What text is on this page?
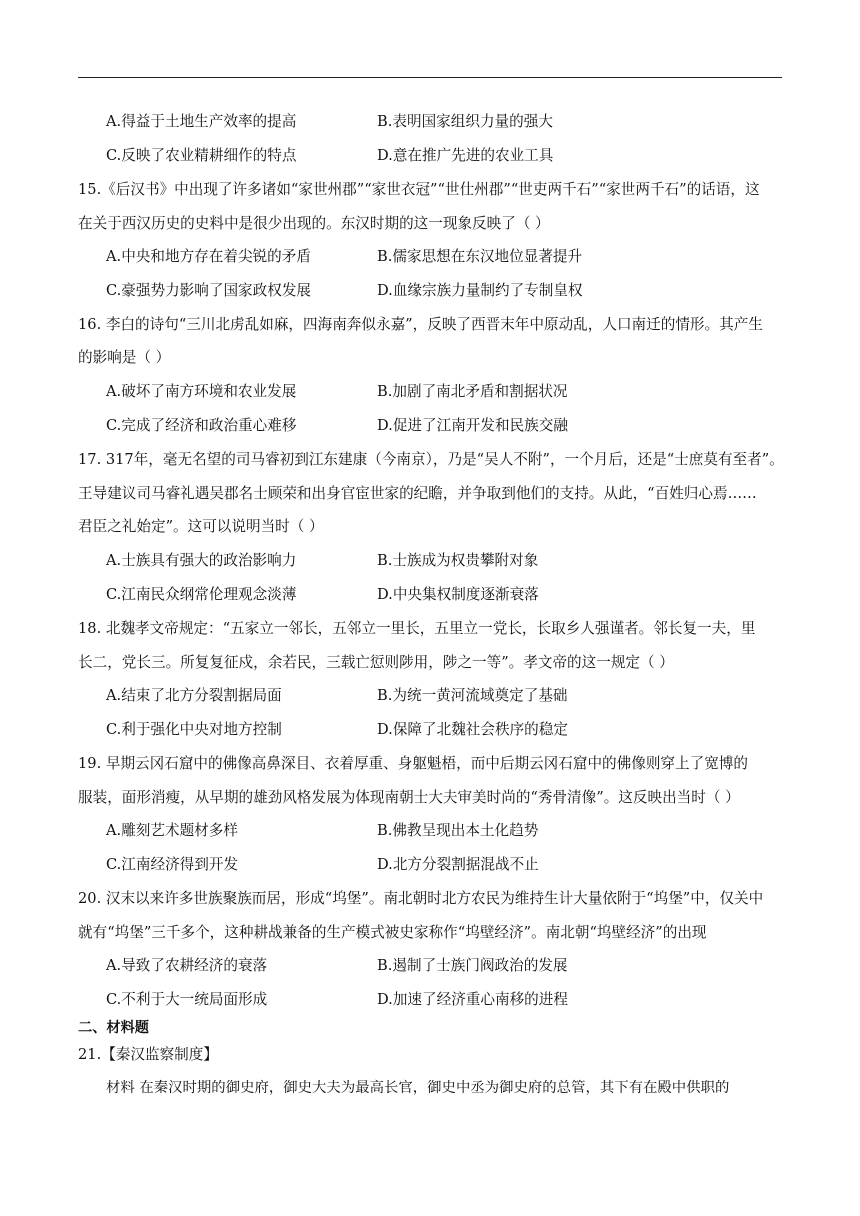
A.得益于土地生产效率的提高	B.表明国家组织力量的强大
C.反映了农业精耕细作的特点	D.意在推广先进的农业工具
15.《后汉书》中出现了许多诸如“家世州郡”“家世衣冠”“世仕州郡”“世吏两千石”“家世两千石”的话语，这
在关于西汉历史的史料中是很少出现的。东汉时期的这一现象反映了（ ）
A.中央和地方存在着尖锐的矛盾	B.儒家思想在东汉地位显著提升
C.豪强势力影响了国家政权发展	D.血缘宗族力量制约了专制皇权
16. 李白的诗句“三川北虏乱如麻，四海南奔似永嘉”，反映了西晋末年中原动乱，人口南迁的情形。其产生
的影响是（ ）
A.破坏了南方环境和农业发展	B.加剧了南北矛盾和割据状况
C.完成了经济和政治重心难移	D.促进了江南开发和民族交融
17. 317年，毫无名望的司马睿初到江东建康（今南京），乃是“吴人不附”，一个月后，还是“士庶莫有至者”。
王导建议司马睿礼遇吴郡名士顾荣和出身官宦世家的纪瞻，并争取到他们的支持。从此，“百姓归心焉……
君臣之礼始定”。这可以说明当时（ ）
A.士族具有强大的政治影响力	B.士族成为权贵攀附对象
C.江南民众纲常伦理观念淡薄	D.中央集权制度逐渐衰落
18. 北魏孝文帝规定：“五家立一邻长，五邻立一里长，五里立一党长，长取乡人强谨者。邻长复一夫，里
长二，党长三。所复复征戍，余若民，三载亡愆则陟用，陟之一等”。孝文帝的这一规定（ ）
A.结束了北方分裂割据局面	B.为统一黄河流域奠定了基础
C.利于强化中央对地方控制	D.保障了北魏社会秩序的稳定
19. 早期云冈石窟中的佛像高鼻深目、衣着厚重、身躯魁梧，而中后期云冈石窟中的佛像则穿上了宽博的
服装，面形消瘦，从早期的雄劲风格发展为体现南朝士大夫审美时尚的“秀骨清像”。这反映出当时（ ）
A.雕刻艺术题材多样	B.佛教呈现出本土化趋势
C.江南经济得到开发	D.北方分裂割据混战不止
20. 汉末以来许多世族聚族而居，形成“坞堡”。南北朝时北方农民为维持生计大量依附于“坞堡”中，仅关中
就有“坞堡”三千多个，这种耕战兼备的生产模式被史家称作“坞壁经济”。南北朝“坞壁经济”的出现
A.导致了农耕经济的衰落	B.遏制了士族门阀政治的发展
C.不利于大一统局面形成	D.加速了经济重心南移的进程
二、材料题
21.【秦汉监察制度】
材料 在秦汉时期的御史府，御史大夫为最高长官，御史中丞为御史府的总管，其下有在殿中供职的
